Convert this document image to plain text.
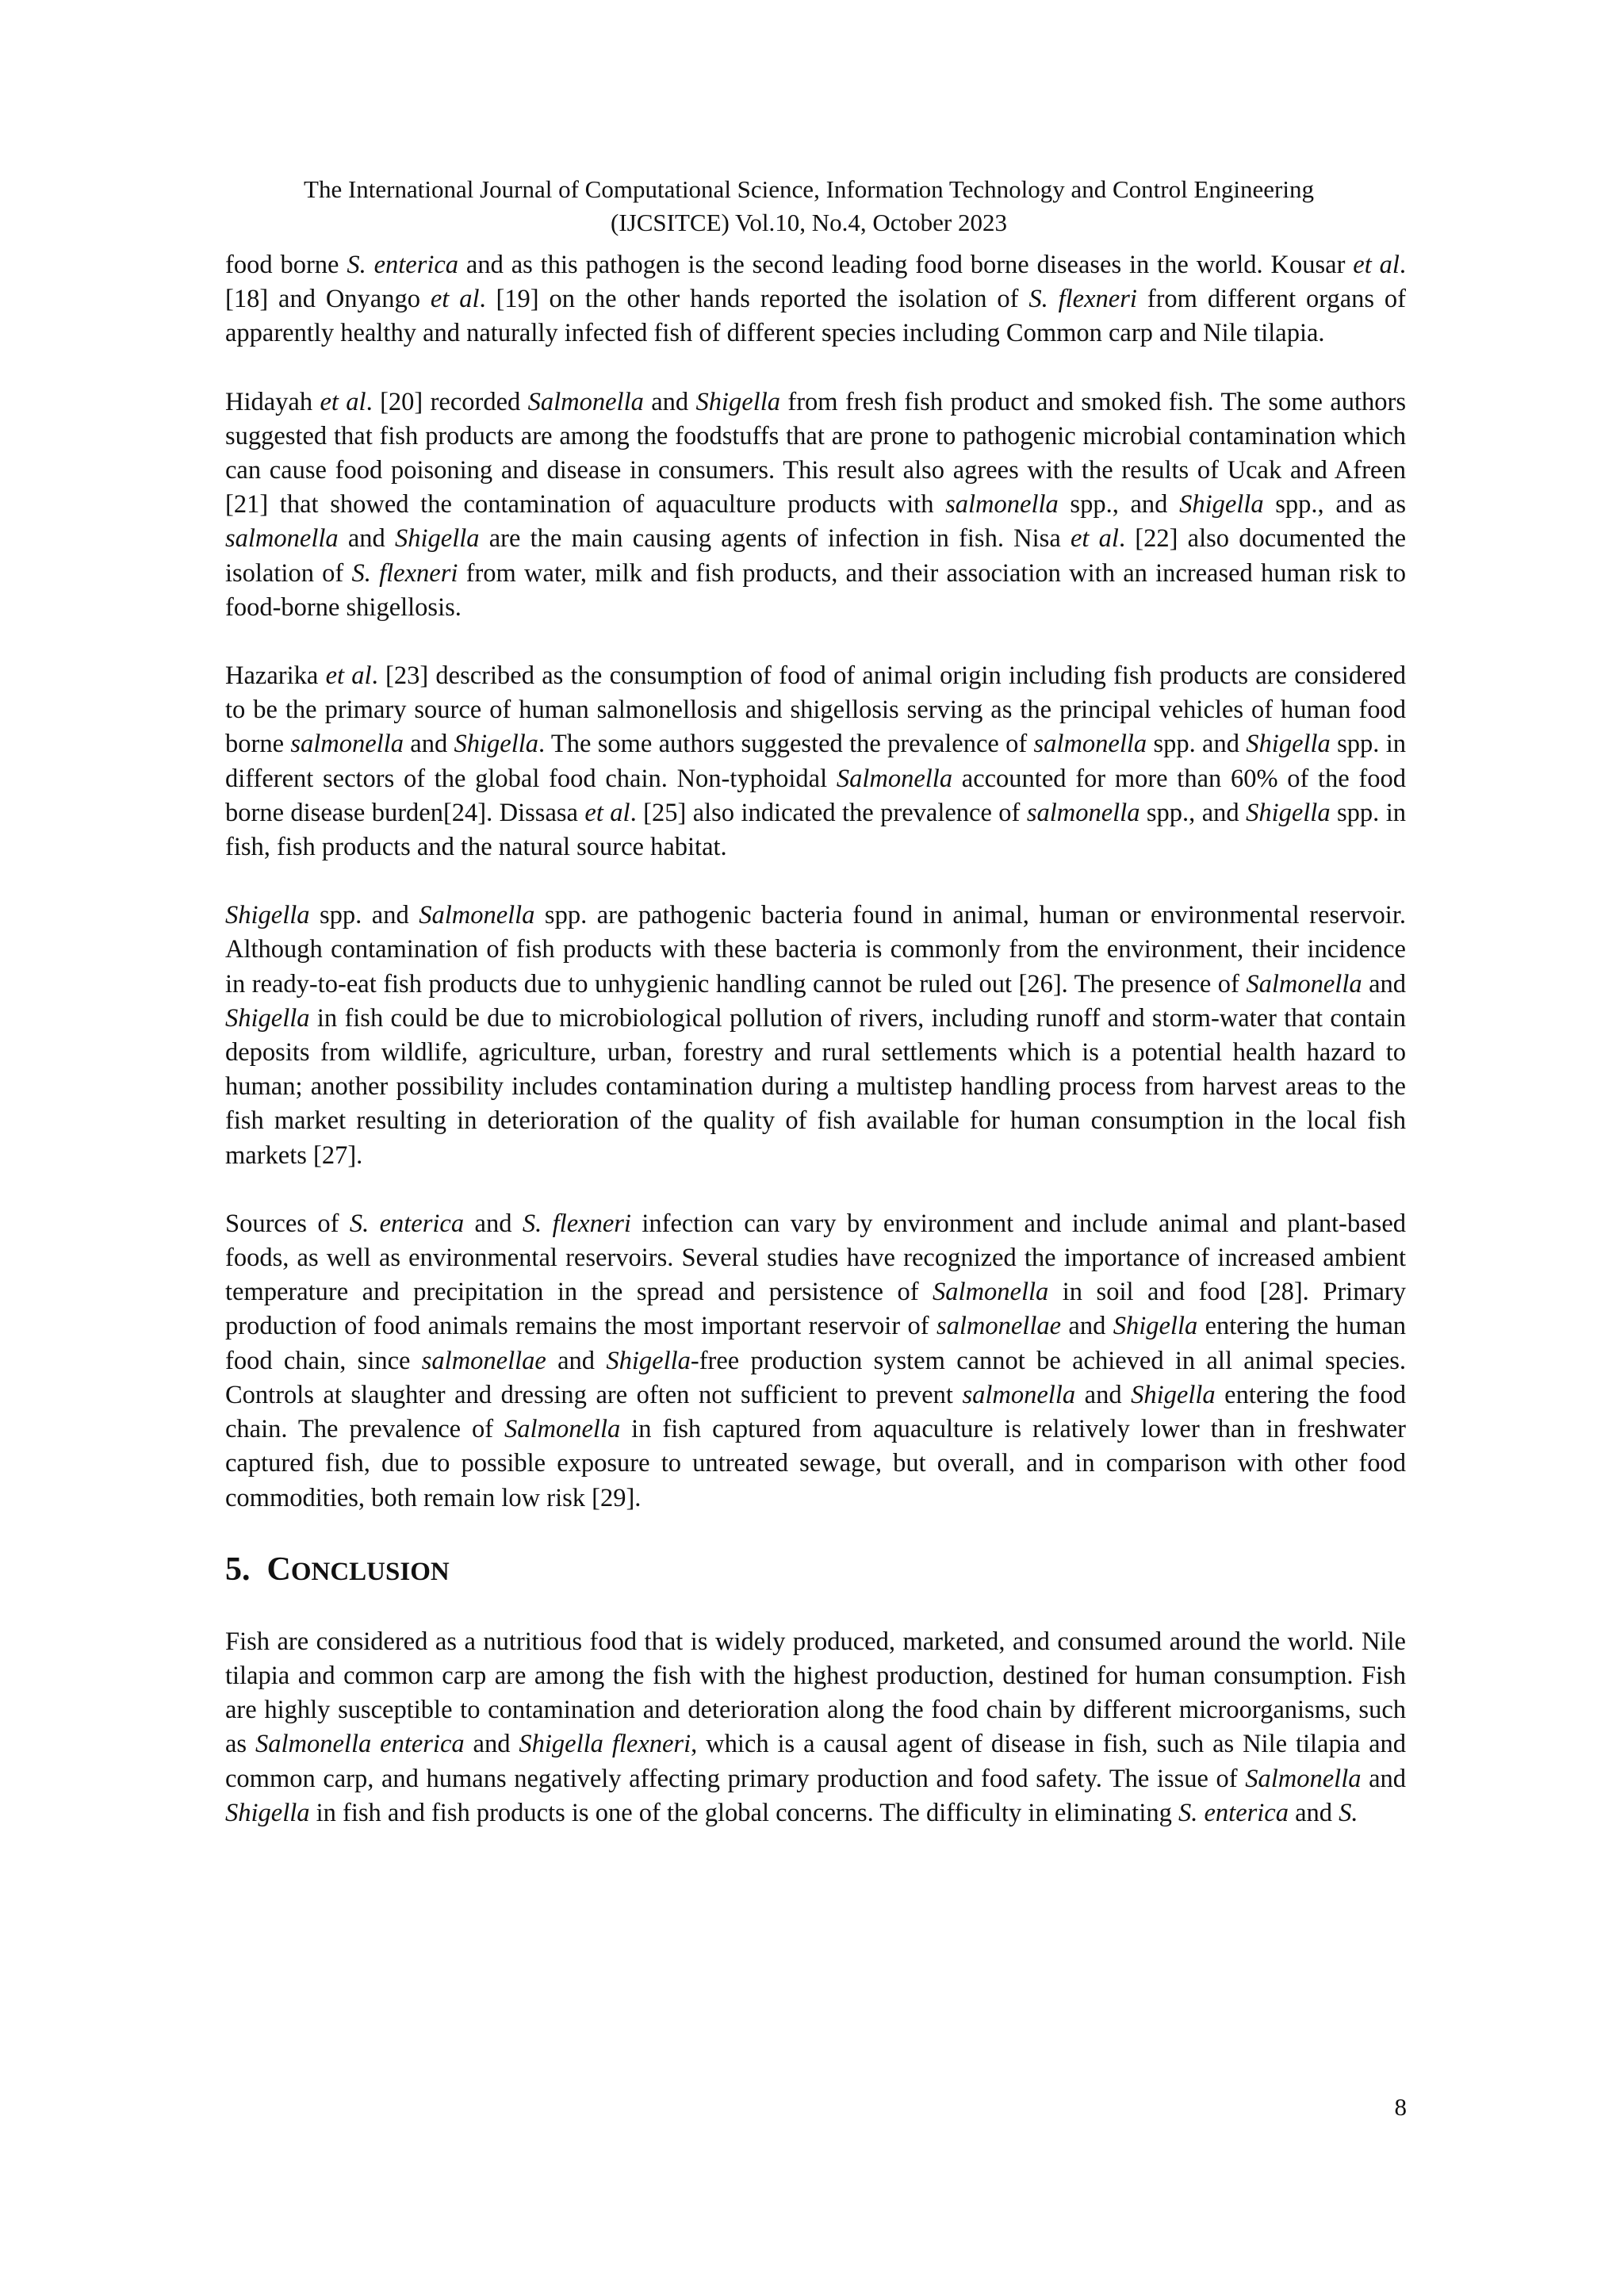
The International Journal of Computational Science, Information Technology and Control Engineering
(IJCSITCE) Vol.10, No.4, October 2023

food borne S. enterica and as this pathogen is the second leading food borne diseases in the world. Kousar et al. [18] and Onyango et al. [19] on the other hands reported the isolation of S. flexneri from different organs of apparently healthy and naturally infected fish of different species including Common carp and Nile tilapia.

Hidayah et al. [20] recorded Salmonella and Shigella from fresh fish product and smoked fish. The some authors suggested that fish products are among the foodstuffs that are prone to pathogenic microbial contamination which can cause food poisoning and disease in consumers. This result also agrees with the results of Ucak and Afreen [21] that showed the contamination of aquaculture products with salmonella spp., and Shigella spp., and as salmonella and Shigella are the main causing agents of infection in fish. Nisa et al. [22] also documented the isolation of S. flexneri from water, milk and fish products, and their association with an increased human risk to food-borne shigellosis.

Hazarika et al. [23] described as the consumption of food of animal origin including fish products are considered to be the primary source of human salmonellosis and shigellosis serving as the principal vehicles of human food borne salmonella and Shigella. The some authors suggested the prevalence of salmonella spp. and Shigella spp. in different sectors of the global food chain. Non-typhoidal Salmonella accounted for more than 60% of the food borne disease burden[24]. Dissasa et al. [25] also indicated the prevalence of salmonella spp., and Shigella spp. in fish, fish products and the natural source habitat.

Shigella spp. and Salmonella spp. are pathogenic bacteria found in animal, human or environmental reservoir. Although contamination of fish products with these bacteria is commonly from the environment, their incidence in ready-to-eat fish products due to unhygienic handling cannot be ruled out [26]. The presence of Salmonella and Shigella in fish could be due to microbiological pollution of rivers, including runoff and storm-water that contain deposits from wildlife, agriculture, urban, forestry and rural settlements which is a potential health hazard to human; another possibility includes contamination during a multistep handling process from harvest areas to the fish market resulting in deterioration of the quality of fish available for human consumption in the local fish markets [27].

Sources of S. enterica and S. flexneri infection can vary by environment and include animal and plant-based foods, as well as environmental reservoirs. Several studies have recognized the importance of increased ambient temperature and precipitation in the spread and persistence of Salmonella in soil and food [28]. Primary production of food animals remains the most important reservoir of salmonellae and Shigella entering the human food chain, since salmonellae and Shigella-free production system cannot be achieved in all animal species. Controls at slaughter and dressing are often not sufficient to prevent salmonella and Shigella entering the food chain. The prevalence of Salmonella in fish captured from aquaculture is relatively lower than in freshwater captured fish, due to possible exposure to untreated sewage, but overall, and in comparison with other food commodities, both remain low risk [29].

5. CONCLUSION

Fish are considered as a nutritious food that is widely produced, marketed, and consumed around the world. Nile tilapia and common carp are among the fish with the highest production, destined for human consumption. Fish are highly susceptible to contamination and deterioration along the food chain by different microorganisms, such as Salmonella enterica and Shigella flexneri, which is a causal agent of disease in fish, such as Nile tilapia and common carp, and humans negatively affecting primary production and food safety. The issue of Salmonella and Shigella in fish and fish products is one of the global concerns. The difficulty in eliminating S. enterica and S.

8
